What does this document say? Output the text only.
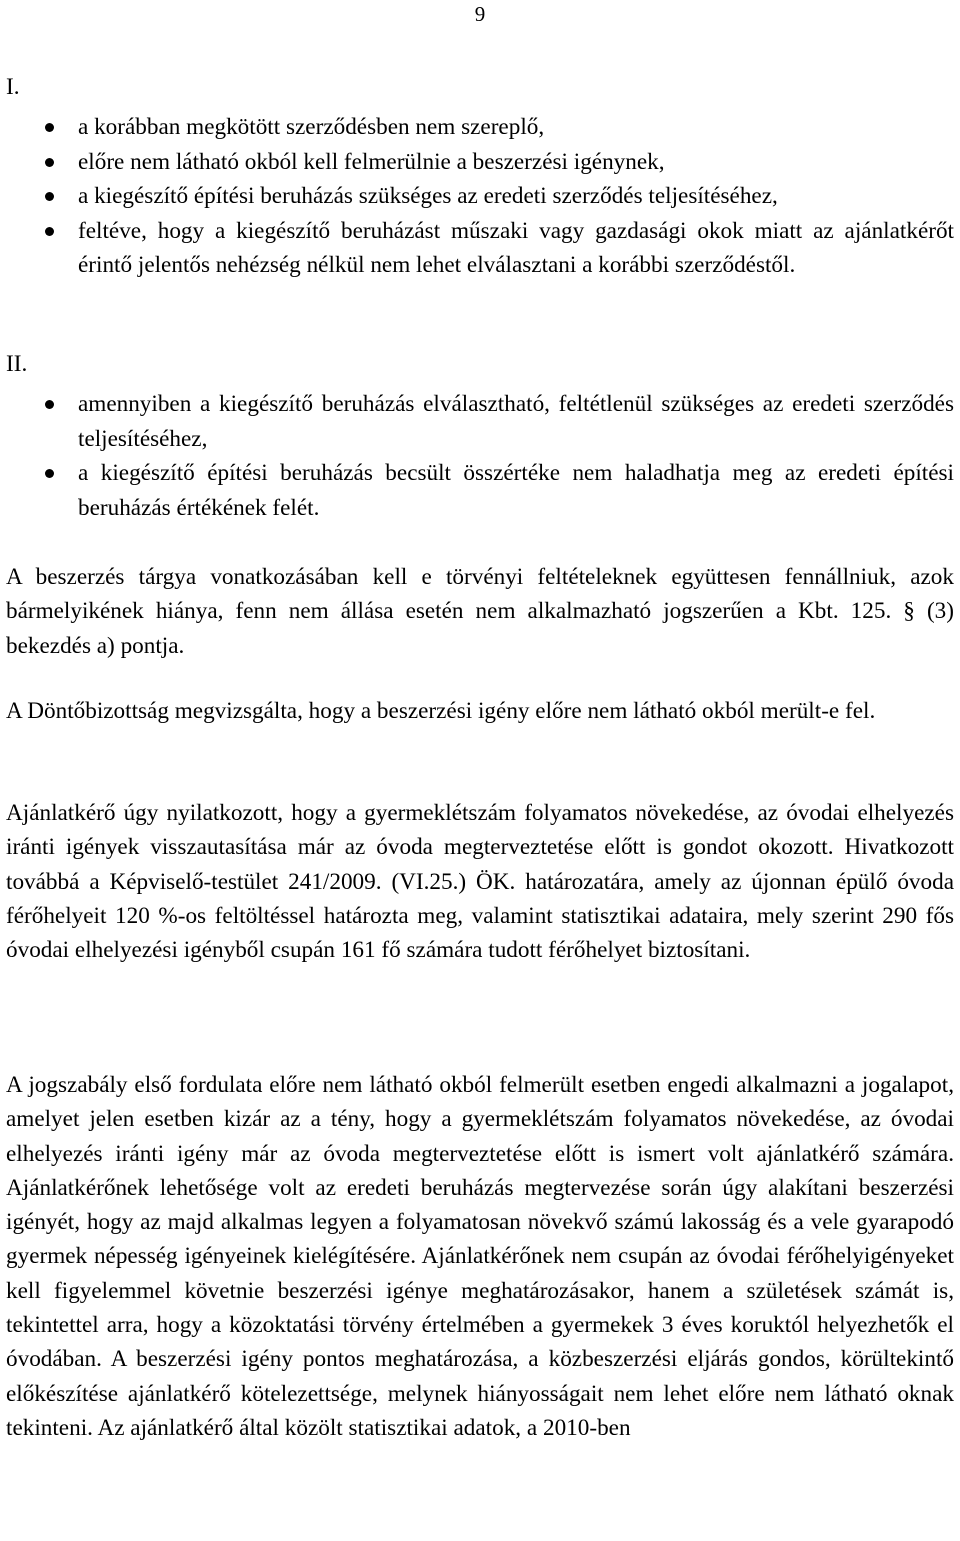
9
I.
a korábban megkötött szerződésben nem szereplő,
előre nem látható okból kell felmerülnie a beszerzési igénynek,
a kiegészítő építési beruházás szükséges az eredeti szerződés teljesítéséhez,
feltéve, hogy a kiegészítő beruházást műszaki vagy gazdasági okok miatt az ajánlatkérőt érintő jelentős nehézség nélkül nem lehet elválasztani a korábbi szerződéstől.
II.
amennyiben a kiegészítő beruházás elválasztható, feltétlenül szükséges az eredeti szerződés teljesítéséhez,
a kiegészítő építési beruházás becsült összértéke nem haladhatja meg az eredeti építési beruházás értékének felét.

A beszerzés tárgya vonatkozásában kell e törvényi feltételeknek együttesen fennállniuk, azok bármelyikének hiánya, fenn nem állása esetén nem alkalmazható jogszerűen a Kbt. 125. § (3) bekezdés a) pontja.

A Döntőbizottság megvizsgálta, hogy a beszerzési igény előre nem látható okból merült-e fel.

Ajánlatkérő úgy nyilatkozott, hogy a gyermeklétszám folyamatos növekedése, az óvodai elhelyezés iránti igények visszautasítása már az óvoda megterveztetése előtt is gondot okozott. Hivatkozott továbbá a Képviselő-testület 241/2009. (VI.25.) ÖK. határozatára, amely az újonnan épülő óvoda férőhelyeit 120 %-os feltöltéssel határozta meg, valamint statisztikai adataira, mely szerint 290 fős óvodai elhelyezési igényből csupán 161 fő számára tudott férőhelyet biztosítani.

A jogszabály első fordulata előre nem látható okból felmerült esetben engedi alkalmazni a jogalapot, amelyet jelen esetben kizár az a tény, hogy a gyermeklétszám folyamatos növekedése, az óvodai elhelyezés iránti igény már az óvoda megterveztetése előtt is ismert volt ajánlatkérő számára. Ajánlatkérőnek lehetősége volt az eredeti beruházás megtervezése során úgy alakítani beszerzési igényét, hogy az majd alkalmas legyen a folyamatosan növekvő számú lakosság és a vele gyarapodó gyermek népesség igényeinek kielégítésére. Ajánlatkérőnek nem csupán az óvodai férőhelyigényeket kell figyelemmel követnie beszerzési igénye meghatározásakor, hanem a születések számát is, tekintettel arra, hogy a közoktatási törvény értelmében a gyermekek 3 éves koruktól helyezhetők el óvodában. A beszerzési igény pontos meghatározása, a közbeszerzési eljárás gondos, körültekintő előkészítése ajánlatkérő kötelezettsége, melynek hiányosságait nem lehet előre nem látható oknak tekinteni. Az ajánlatkérő által közölt statisztikai adatok, a 2010-ben
